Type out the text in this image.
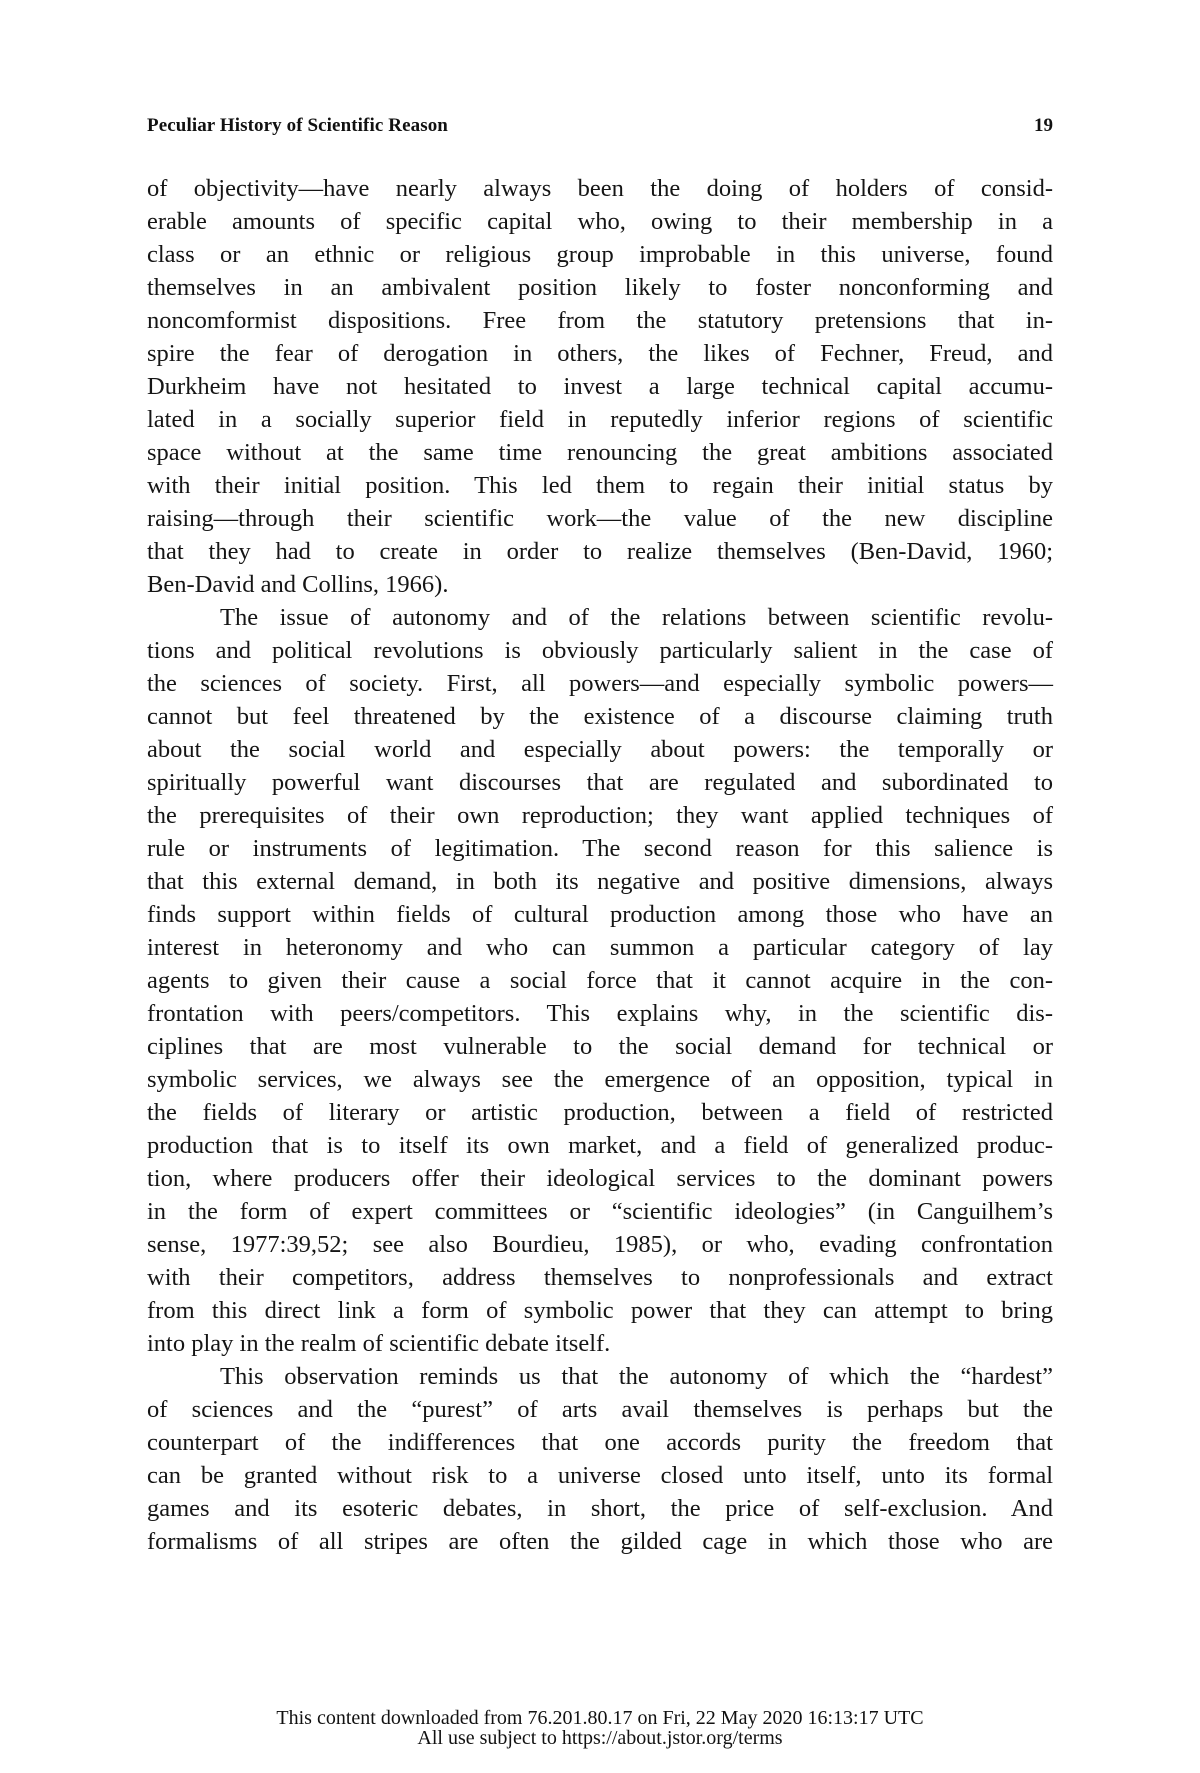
Peculiar History of Scientific Reason	19
of objectivity—have nearly always been the doing of holders of consid-
erable amounts of specific capital who, owing to their membership in a
class or an ethnic or religious group improbable in this universe, found
themselves in an ambivalent position likely to foster nonconforming and
noncomformist dispositions. Free from the statutory pretensions that in-
spire the fear of derogation in others, the likes of Fechner, Freud, and
Durkheim have not hesitated to invest a large technical capital accumu-
lated in a socially superior field in reputedly inferior regions of scientific
space without at the same time renouncing the great ambitions associated
with their initial position. This led them to regain their initial status by
raising—through their scientific work—the value of the new discipline
that they had to create in order to realize themselves (Ben-David, 1960;
Ben-David and Collins, 1966).
The issue of autonomy and of the relations between scientific revolu-
tions and political revolutions is obviously particularly salient in the case of
the sciences of society. First, all powers—and especially symbolic powers—
cannot but feel threatened by the existence of a discourse claiming truth
about the social world and especially about powers: the temporally or
spiritually powerful want discourses that are regulated and subordinated to
the prerequisites of their own reproduction; they want applied techniques of
rule or instruments of legitimation. The second reason for this salience is
that this external demand, in both its negative and positive dimensions, always
finds support within fields of cultural production among those who have an
interest in heteronomy and who can summon a particular category of lay
agents to given their cause a social force that it cannot acquire in the con-
frontation with peers/competitors. This explains why, in the scientific dis-
ciplines that are most vulnerable to the social demand for technical or
symbolic services, we always see the emergence of an opposition, typical in
the fields of literary or artistic production, between a field of restricted
production that is to itself its own market, and a field of generalized produc-
tion, where producers offer their ideological services to the dominant powers
in the form of expert committees or “scientific ideologies” (in Canguilhem’s
sense, 1977:39,52; see also Bourdieu, 1985), or who, evading confrontation
with their competitors, address themselves to nonprofessionals and extract
from this direct link a form of symbolic power that they can attempt to bring
into play in the realm of scientific debate itself.
This observation reminds us that the autonomy of which the “hardest”
of sciences and the “purest” of arts avail themselves is perhaps but the
counterpart of the indifferences that one accords purity the freedom that
can be granted without risk to a universe closed unto itself, unto its formal
games and its esoteric debates, in short, the price of self-exclusion. And
formalisms of all stripes are often the gilded cage in which those who are
This content downloaded from 76.201.80.17 on Fri, 22 May 2020 16:13:17 UTC
All use subject to https://about.jstor.org/terms
